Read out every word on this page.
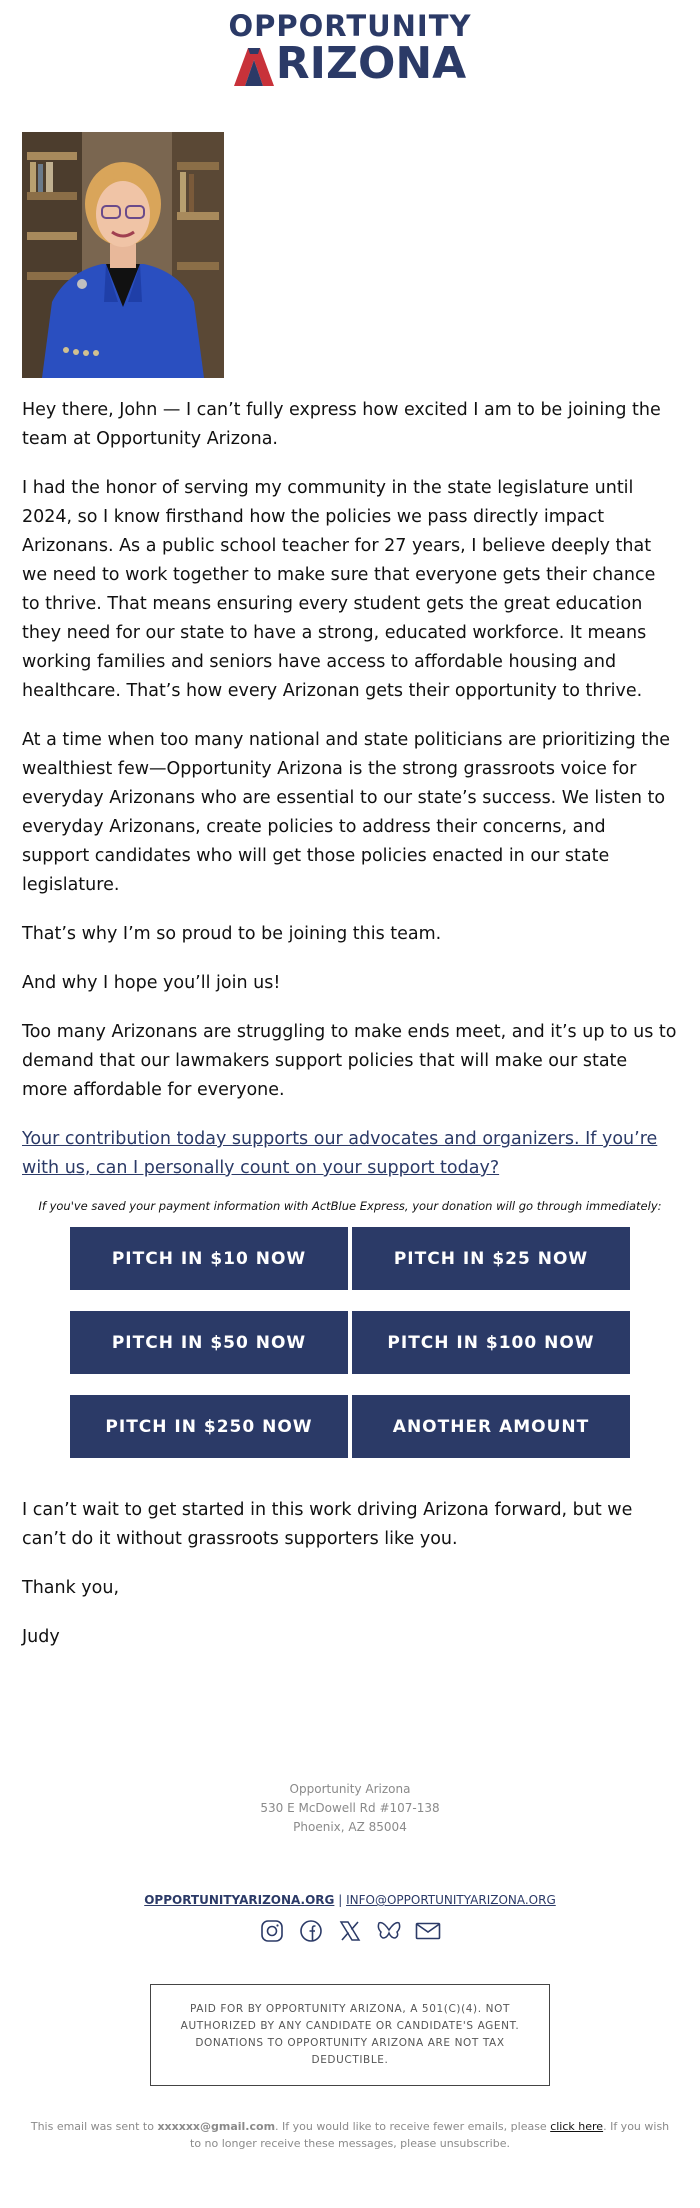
OPPORTUNITY
RIZONA

Hey there, John — I can’t fully express how excited I am to be joining the team at Opportunity Arizona.

I had the honor of serving my community in the state legislature until 2024, so I know firsthand how the policies we pass directly impact Arizonans. As a public school teacher for 27 years, I believe deeply that we need to work together to make sure that everyone gets their chance to thrive. That means ensuring every student gets the great education they need for our state to have a strong, educated workforce. It means working families and seniors have access to affordable housing and healthcare. That’s how every Arizonan gets their opportunity to thrive.

At a time when too many national and state politicians are prioritizing the wealthiest few—Opportunity Arizona is the strong grassroots voice for everyday Arizonans who are essential to our state’s success. We listen to everyday Arizonans, create policies to address their concerns, and support candidates who will get those policies enacted in our state legislature.

That’s why I’m so proud to be joining this team.

And why I hope you’ll join us!

Too many Arizonans are struggling to make ends meet, and it’s up to us to demand that our lawmakers support policies that will make our state more affordable for everyone.

Your contribution today supports our advocates and organizers. If you’re with us, can I personally count on your support today?

If you've saved your payment information with ActBlue Express, your donation will go through immediately:
PITCH IN $10 NOW	PITCH IN $25 NOW
PITCH IN $50 NOW	PITCH IN $100 NOW
PITCH IN $250 NOW	ANOTHER AMOUNT

I can’t wait to get started in this work driving Arizona forward, but we can’t do it without grassroots supporters like you.

Thank you,

Judy

Opportunity Arizona
530 E McDowell Rd #107-138
Phoenix, AZ 85004
OPPORTUNITYARIZONA.ORG | INFO@OPPORTUNITYARIZONA.ORG
PAID FOR BY OPPORTUNITY ARIZONA, A 501(C)(4). NOT AUTHORIZED BY ANY CANDIDATE OR CANDIDATE'S AGENT. DONATIONS TO OPPORTUNITY ARIZONA ARE NOT TAX DEDUCTIBLE.
This email was sent to xxxxxx@gmail.com. If you would like to receive fewer emails, please click here. If you wish to no longer receive these messages, please unsubscribe.
